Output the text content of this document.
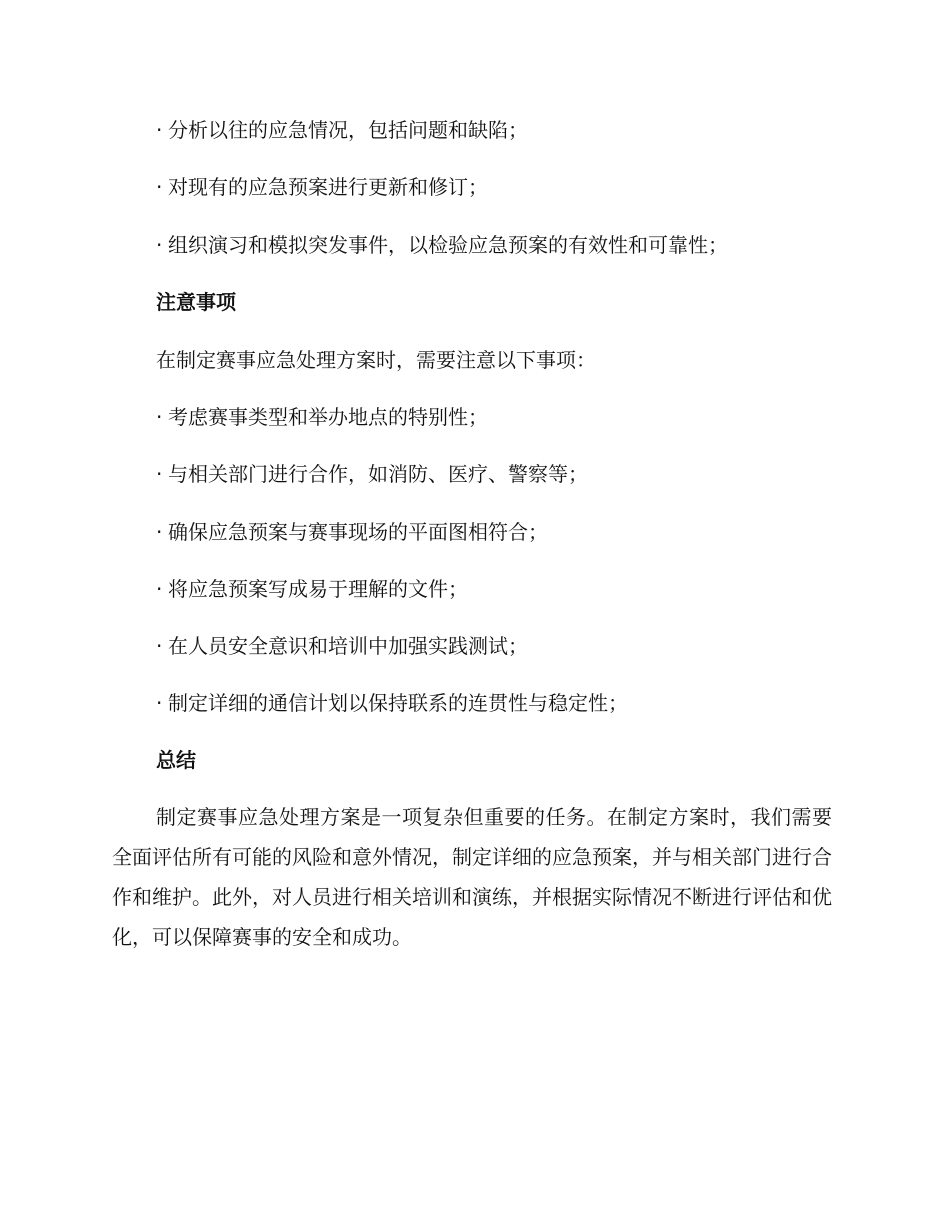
· 分析以往的应急情况，包括问题和缺陷；

· 对现有的应急预案进行更新和修订；

· 组织演习和模拟突发事件，以检验应急预案的有效性和可靠性；

注意事项

在制定赛事应急处理方案时，需要注意以下事项：

· 考虑赛事类型和举办地点的特别性；

· 与相关部门进行合作，如消防、医疗、警察等；

· 确保应急预案与赛事现场的平面图相符合；

· 将应急预案写成易于理解的文件；

· 在人员安全意识和培训中加强实践测试；

· 制定详细的通信计划以保持联系的连贯性与稳定性；

总结

制定赛事应急处理方案是一项复杂但重要的任务。在制定方案时，我们需要全面评估所有可能的风险和意外情况，制定详细的应急预案，并与相关部门进行合作和维护。此外，对人员进行相关培训和演练，并根据实际情况不断进行评估和优化，可以保障赛事的安全和成功。
